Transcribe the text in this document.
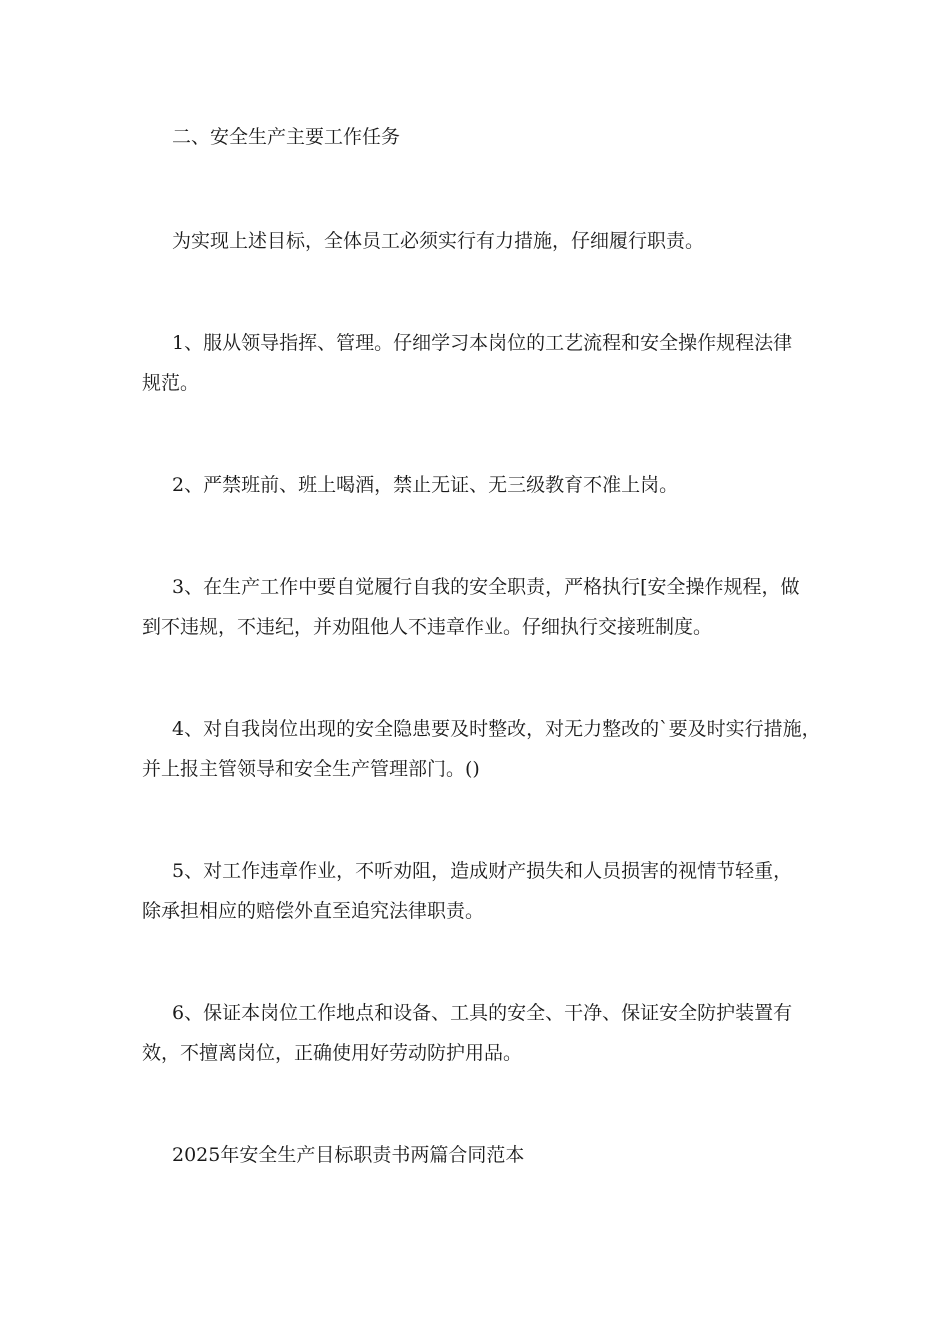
二、安全生产主要工作任务

为实现上述目标，全体员工必须实行有力措施，仔细履行职责。

1、服从领导指挥、管理。仔细学习本岗位的工艺流程和安全操作规程法律

规范。

2、严禁班前、班上喝酒，禁止无证、无三级教育不准上岗。

3、在生产工作中要自觉履行自我的安全职责，严格执行[安全操作规程，做

到不违规，不违纪，并劝阻他人不违章作业。仔细执行交接班制度。

4、对自我岗位出现的安全隐患要及时整改，对无力整改的`要及时实行措施，

并上报主管领导和安全生产管理部门。()

5、对工作违章作业，不听劝阻，造成财产损失和人员损害的视情节轻重，

除承担相应的赔偿外直至追究法律职责。

6、保证本岗位工作地点和设备、工具的安全、干净、保证安全防护装置有

效，不擅离岗位，正确使用好劳动防护用品。

2025年安全生产目标职责书两篇合同范本
